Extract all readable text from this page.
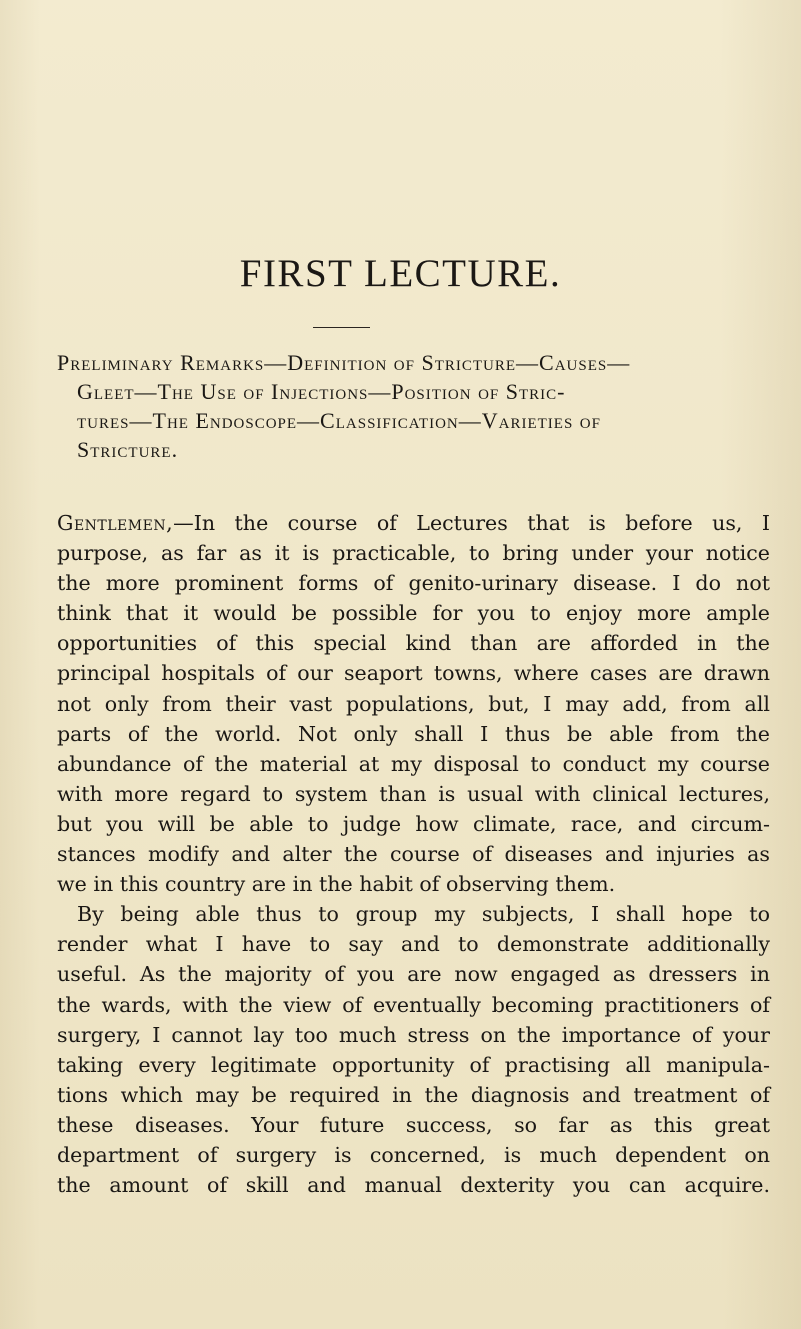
FIRST LECTURE.

Preliminary Remarks—Definition of Stricture—Causes—
Gleet—The Use of Injections—Position of Stric-
tures—The Endoscope—Classification—Varieties of
Stricture.

Gentlemen,—In the course of Lectures that is before us, I
purpose, as far as it is practicable, to bring under your notice
the more prominent forms of genito-urinary disease. I do not
think that it would be possible for you to enjoy more ample
opportunities of this special kind than are afforded in the
principal hospitals of our seaport towns, where cases are drawn
not only from their vast populations, but, I may add, from all
parts of the world. Not only shall I thus be able from the
abundance of the material at my disposal to conduct my course
with more regard to system than is usual with clinical lectures,
but you will be able to judge how climate, race, and circum-
stances modify and alter the course of diseases and injuries as
we in this country are in the habit of observing them.
By being able thus to group my subjects, I shall hope to
render what I have to say and to demonstrate additionally
useful. As the majority of you are now engaged as dressers in
the wards, with the view of eventually becoming practitioners of
surgery, I cannot lay too much stress on the importance of your
taking every legitimate opportunity of practising all manipula-
tions which may be required in the diagnosis and treatment of
these diseases. Your future success, so far as this great
department of surgery is concerned, is much dependent on
the amount of skill and manual dexterity you can acquire.
